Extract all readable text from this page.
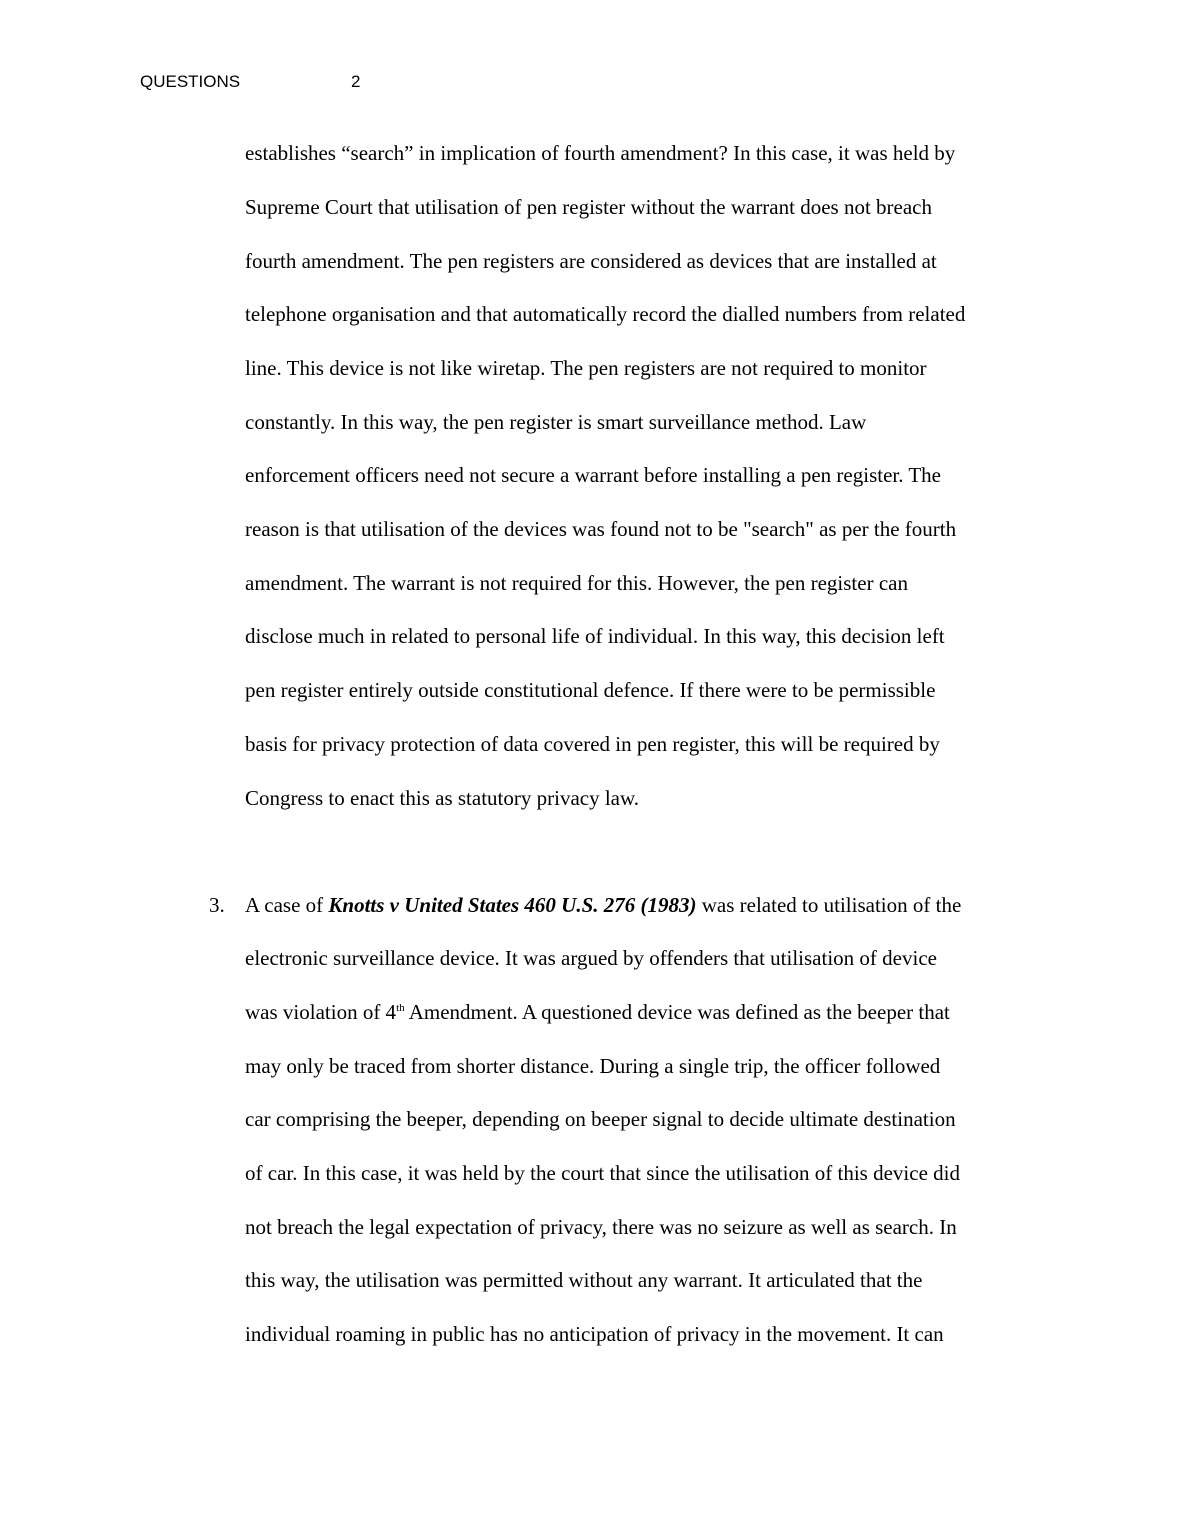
QUESTIONS	2
establishes “search” in implication of fourth amendment? In this case, it was held by
Supreme Court that utilisation of pen register without the warrant does not breach
fourth amendment. The pen registers are considered as devices that are installed at
telephone organisation and that automatically record the dialled numbers from related
line. This device is not like wiretap. The pen registers are not required to monitor
constantly. In this way, the pen register is smart surveillance method. Law
enforcement officers need not secure a warrant before installing a pen register. The
reason is that utilisation of the devices was found not to be "search" as per the fourth
amendment. The warrant is not required for this. However, the pen register can
disclose much in related to personal life of individual. In this way, this decision left
pen register entirely outside constitutional defence. If there were to be permissible
basis for privacy protection of data covered in pen register, this will be required by
Congress to enact this as statutory privacy law.
3. A case of Knotts v United States 460 U.S. 276 (1983) was related to utilisation of the
electronic surveillance device. It was argued by offenders that utilisation of device
was violation of 4th Amendment. A questioned device was defined as the beeper that
may only be traced from shorter distance. During a single trip, the officer followed
car comprising the beeper, depending on beeper signal to decide ultimate destination
of car. In this case, it was held by the court that since the utilisation of this device did
not breach the legal expectation of privacy, there was no seizure as well as search. In
this way, the utilisation was permitted without any warrant. It articulated that the
individual roaming in public has no anticipation of privacy in the movement. It can
